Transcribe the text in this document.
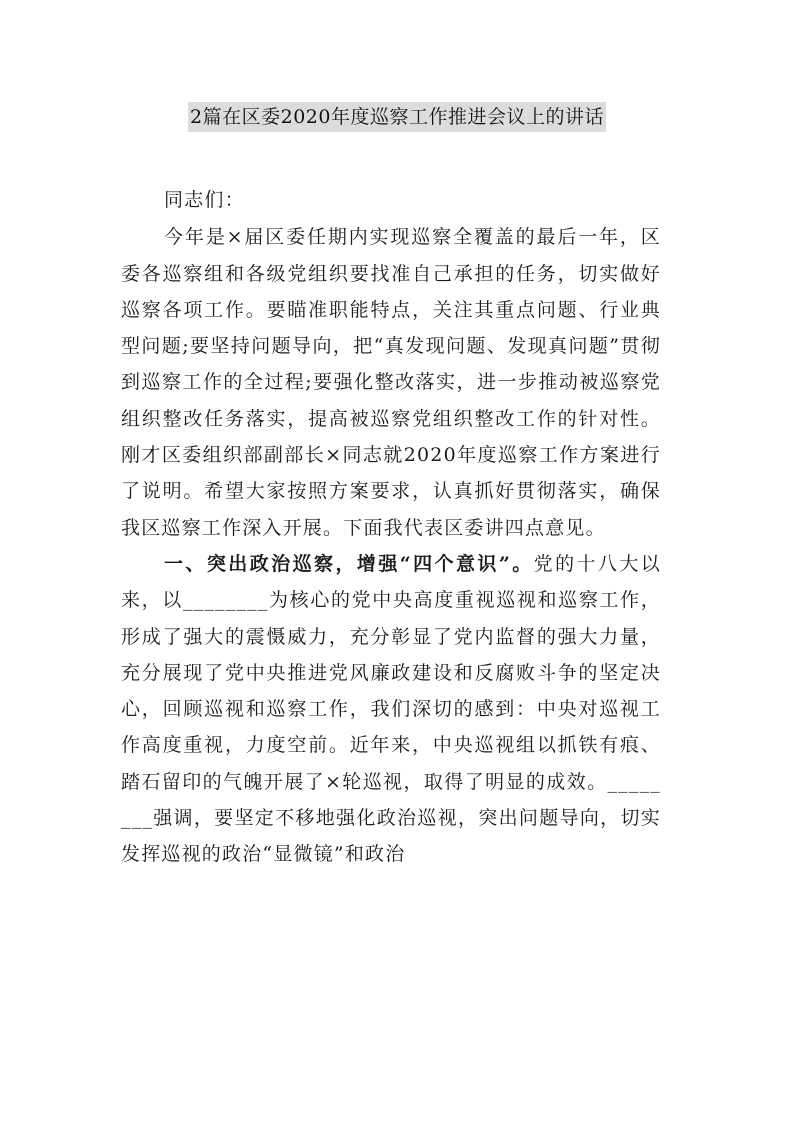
2篇在区委2020年度巡察工作推进会议上的讲话

同志们：

今年是×届区委任期内实现巡察全覆盖的最后一年，区委各巡察组和各级党组织要找准自己承担的任务，切实做好巡察各项工作。要瞄准职能特点，关注其重点问题、行业典型问题;要坚持问题导向，把“真发现问题、发现真问题”贯彻到巡察工作的全过程;要强化整改落实，进一步推动被巡察党组织整改任务落实，提高被巡察党组织整改工作的针对性。刚才区委组织部副部长×同志就2020年度巡察工作方案进行了说明。希望大家按照方案要求，认真抓好贯彻落实，确保我区巡察工作深入开展。下面我代表区委讲四点意见。

一、突出政治巡察，增强“四个意识”。党的十八大以来，以________为核心的党中央高度重视巡视和巡察工作，形成了强大的震慑威力，充分彰显了党内监督的强大力量，充分展现了党中央推进党风廉政建设和反腐败斗争的坚定决心，回顾巡视和巡察工作，我们深切的感到：中央对巡视工作高度重视，力度空前。近年来，中央巡视组以抓铁有痕、踏石留印的气魄开展了×轮巡视，取得了明显的成效。________强调，要坚定不移地强化政治巡视，突出问题导向，切实发挥巡视的政治“显微镜”和政治
